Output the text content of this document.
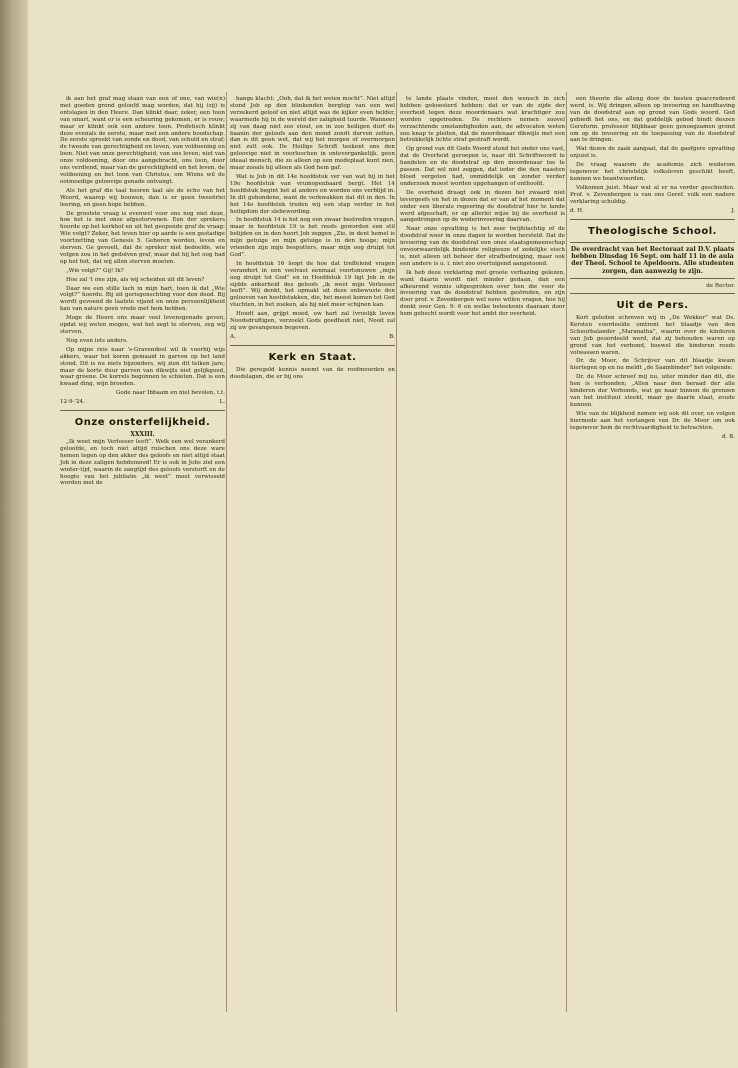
ik aan het graf mag staan van een of ene, van wie(n) met goeden grond geloofd mag worden, dat hij (zij) is ontslapen in den Heere. Dan klinkt daar, zeker, een toon van smart, want er is een scheuring gekomen, er is rouw; maar er klinkt ook een andere toon. Profetisch klinkt deze evenals de eerste, maar met een andere boodschap. De eerste spreekt van zonde en dood, van schuld en straf; de tweede van gerechtigheid en leven, van voldoening en loon. Niet van onze gerechtigheid, van ons leven; niet van onze voldoening, door ons aangebracht, ons loon, door ons verdiend, maar van de gerechtigheid en het leven, de voldoening en het loon van Christus, om Wiens wil de ootmoedige geloovige genade ontvangt.

Als het graf die taal hooren laat als de echo van het Woord, waarop wij bouwen, dan is er geen tweeërlei leering, en geen hope hebben.

De grootste vraag is evenwel voor ons nog niet deze, hoe het is met onze afgestorvenen. Een der sprekers hoorde op het kerkhof en uit het geopende graf de vraag: Wie volgt? Zeker, het leven hier op aarde is een gestadige voortzetting van Genesis 5. Geboren worden, leven en sterven. Ge gevoelt, dat de spreker niet bedoelde, wie volgen zou in het gedolven graf, maar dat hij het oog had op het feit, dat wij allen sterven moeten.

„Wie volgt?” Gij! Ik?

Hoe zal 't one zijn, als wij scheiden uit dit leven?

Daar we een stille lach in mijn hart, toen ik dat „Wie volgt?” hoorde. Bij uit gerisgenschting voor den dood. Bij wordt gevoend de laatste vijand en onze persoonlijkheid kan van nature geen vrede met hem hebben.

Moge de Heere ons maar veel levensgenade geven, opdat wij weten mogen, wat het zegt te sterven, zeg wij sterven.

Nog even iets anders.

Op mijne reis naar 's-Gravendeel wil ik voorbij wijs akkers, waar het koren gemaaid in garven op het land stond. Dit is nu niets bijzonders, wij zien dit telken jare; maar de korte duur garven van dikwijls niet gelijkgoed, waar groene. De korrels begonnen te schieten. Dat is een kwaad ding, wijn broeden.

Gode naar Ibbaam en niel bevolen, t.t.

12-9-'24.	L.
Onze onsterfelijkheid.
XXXIII.

„Ik weet mijn Verlosser leeft”. Welk een wel verankerd geloofde, en toch niet altijd ruischen ons deze ware hemen tegen op den akker des geloofs en niet altijd staat Job in deze zaligen hebdemood! Er is ook in Jobs ziel een winter-tijd, waarin de zangtijd des geloofs verstorft en de hoogte van het jubilatie „ik weet” moet verwisseld worden met de

bange klacht: „Ooh, dat ik het weten mocht”. Niet altijd stond Job op den blinkenden bergtop van een wel verzekerd geloof en niet altijd was de kijker even helder, waarmede hij in de wereld der zaligheid tuurde. Wanneer zij van daag niet zoo stout, en in zoo heiligen durf de baanin der geloofs aan den mond zondt durven zetten, dan is dit geen wet, dat wij het morgen of overmorgen niet zult ook. De Heilige Schrift teekent ons den geloovige niet in voorloochen in ontevergankelijk, geen ideaal mensch, die zo alleen op een modeplaat kunt zien, maar zooals hij alleen als God hem gaf.

Wat is Job in dit 14e hoofdstuk ver van wat hij in het 19e hoofdstuk van vrumopenbaard bergt. Het 14 hoofdstuk begint het al anders en worden ons verblijd in. In dit gebondene, want de verkwakken dat dit in den. In het 14e hoofdstuk treden wij een stap verder in het heiligdom der slebewording.

In hoofdstuk 14 is het nog een zwaar bestreden vragen, maar in hoofdstuk 19 is het reeds geworden een stil belijden en in den hoort Job zeggen „Zie, in dent hemel is mijn getuige en mijn getuige is in den hooge; mijn vrienden zijn mijn bespotters, maar mijn oog druipt tot God”.

In hoofdstuk 16 loopt de hoe dat treffelend vragen verandert in een veelvast eenmaal voortsnuwen „mijn oog druipt tot God” en in Hoofdstuk 19 ligt Job in de sijdde ankerheid des geloofs „ik weet mijn Verlosser leeft”. Wij denkt, het opmakt uit deze onbewuste den gelooven van hoofdstukken, die, het meest komen tot God vluchten, in het zoeken, als hij niet meer schijnen kan.

Houdt aan, grijpt moed, uw hart zal (vroolijk leven Noodsdruftigen, verzoekt Gods goedheid niet, Nooit zal zij uw gevangenen begeven.

A.	B.
Kerk en Staat.

Die geregeld kennis neemt van de roofmoorden en doodslagen, die er bij ons

te lande plaats vinden, moet den wensch in zich hebben gekoesterd hebben: dat er van de zijde der overheid tegen deze moordenaars wat krachtiger zou worden opgetreden. De rechters nemen zoovel verzachtende omstandigheden aan, de advocaten weten zoo knap te pleiten, dat de moordenaar dikwijls met een betrekkelijk lichte straf gestraft wordt.

Op grond van dit Gods Woord stond het onder ons vast, dat de Overheid geroepen is, naar dit Schriftwoord te handelen en de doodstraf op den moordenaar toe te passen. Dat wil niet zeggen, dat ieder die den naasten bloed vergoten had, onmiddelijk en zonder verder onderzoek moest worden opgehangen of onthoofd.

De overheid draagt ook in dezen het zwaard niet tevergeefs en het in dezen dat er van af het moment dat onder een liberale regeering de doodstraf hier te lande werd afgeschaft, er op allerlei wijze bij de overheid is aangedrongen op de wederinvoering daarvan.

Naar onze opvatting is het zeer twijfelachtig of de doodstraf weer in onze dagen te worden hersteld. Dat de invoering van de doodstraf een onze staatsgemeenschap onvoorwaardelijk bindende religieuze of zedelijke eisch is, niet alleen uit beheer der strafbedreiging, maar ook een andere is u. i. niet zoo overtuigend aangetoond.

Ik heb deze verklaring met groote verbazing gelezen, want daarin wordt niet minder gedaan, dan een afkeurend vonnis uitgesproken over hen die voor de invoering van de doodstraf hebben gestreden, en zijn door prof. v. Zevenbergen wel eens willen vragen, hoe hij denkt over Gen. 9: 6 en welke beteekenis daaraan door hem gehecht wordt voor het ambt der overheid.

een theorie die alleng door de besten geaccredeerd werd, is. Wij dringen alleen op invoering en handhaving van de doodstraf aan op grond van Gods woord. God gebiedt het ons, en dat goddelijk gebod bindt deszen Gereform. professor blijkbaar geen genoegzamen grond om op de invoering en de toepassing van de doodstraf aan te dringen.

Wat dezen de zaak aangaat, dat de gaofgere opvatting onjuist is.

De vraag waarom de academie zich wederom tegenover het christelijk volksleven geschikt heeft, kunnen we beantwoorden.

Volkomen juist. Maar wat al er na verder geschieden. Prof. v. Zevenbergen is van ons Geref. volk een nadere verklaring schuldig.

d. H.	J.
Theologische School.
De overdracht van het Rectoraat zal D.V. plaats hebben Dinsdag 16 Sept. om half 11 in de aula der Theol. School te Apeldoorn. Alle studenten zorgen, dan aanwezig te zijn.
de Rector.
Uit de Pers.

Kort geleden schreven wij in „De Wekker” wat Ds. Kersten voordeelde omtrent het blaadje van den Scheurbalander „Maranatha”, waarin over de kinderen van Job geoordeeld werd, dat zij behouden waren op grond van het verbond, hoewel die kinderen reeds volwassen waren.

Dr. de Moor, de Schrijver van dit blaadje kwam hiertegen op en nu meldt „de Saambinder” het volgende:

Dr. de Moor schreef mij nu, uiter minder dan dit, die hen is verbonden; „Allen naar den beraad der alle kinderen der Verbonds, wat ge naar binnen de grenzen van het instituut steekt, maar ge daarin staat, zoude kunnen.

Wie van de blijkheid nemen wij ook dit over, en volgen hiermede aan het verlangen van Dr. de Moor om ook tegenover hem de rechtvaardigheid te betrachten.

d. B.
